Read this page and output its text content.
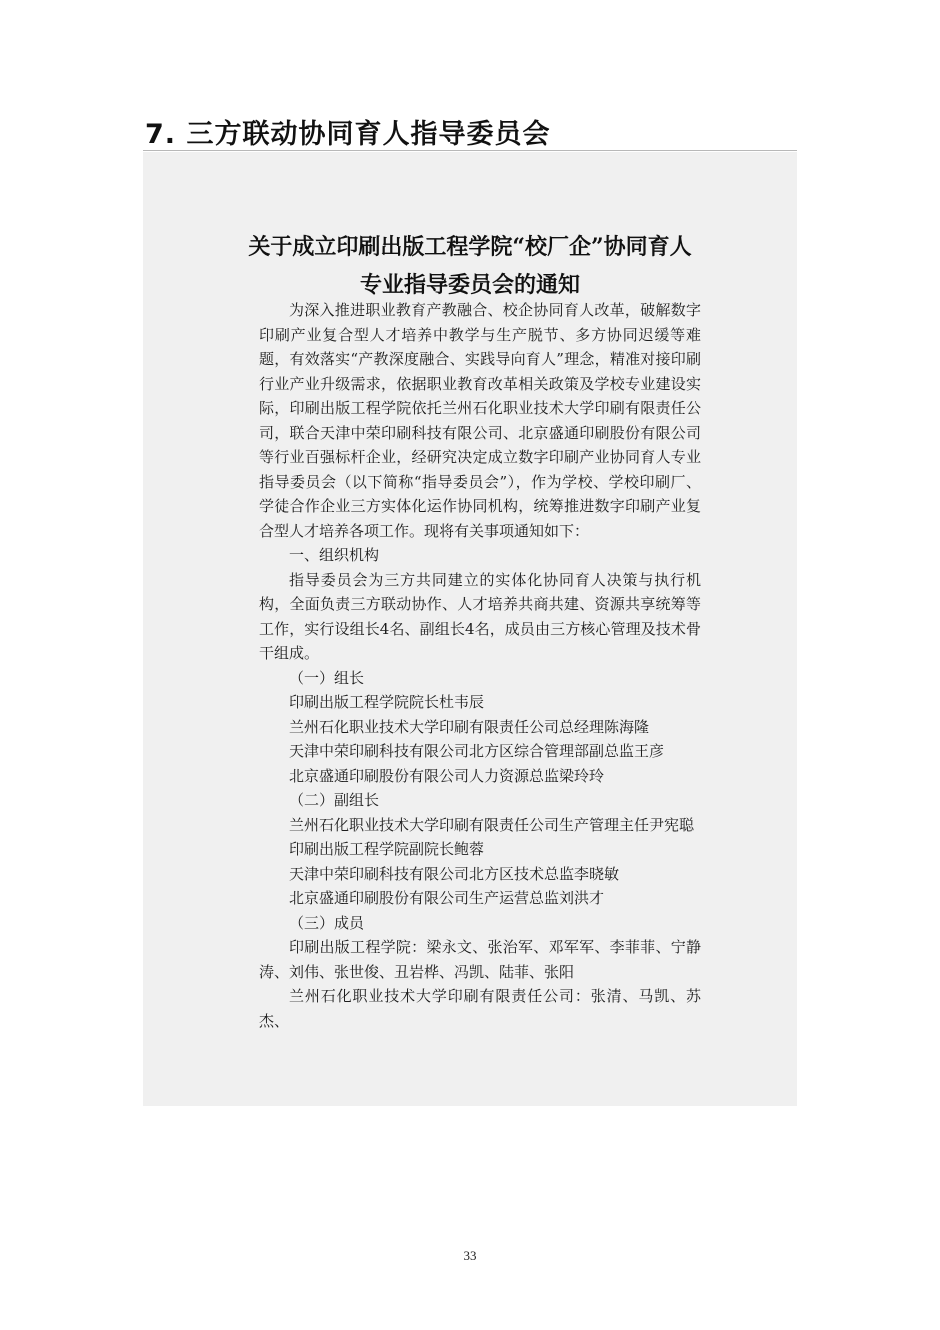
7. 三方联动协同育人指导委员会
关于成立印刷出版工程学院“校厂企”协同育人
专业指导委员会的通知

为深入推进职业教育产教融合、校企协同育人改革，破解数字印刷产业复合型人才培养中教学与生产脱节、多方协同迟缓等难题，有效落实“产教深度融合、实践导向育人”理念，精准对接印刷行业产业升级需求，依据职业教育改革相关政策及学校专业建设实际，印刷出版工程学院依托兰州石化职业技术大学印刷有限责任公司，联合天津中荣印刷科技有限公司、北京盛通印刷股份有限公司等行业百强标杆企业，经研究决定成立数字印刷产业协同育人专业指导委员会（以下简称“指导委员会”），作为学校、学校印刷厂、学徒合作企业三方实体化运作协同机构，统筹推进数字印刷产业复合型人才培养各项工作。现将有关事项通知如下：

一、组织机构

指导委员会为三方共同建立的实体化协同育人决策与执行机构，全面负责三方联动协作、人才培养共商共建、资源共享统筹等工作，实行设组长4名、副组长4名，成员由三方核心管理及技术骨干组成。

（一）组长

印刷出版工程学院院长杜韦辰

兰州石化职业技术大学印刷有限责任公司总经理陈海隆

天津中荣印刷科技有限公司北方区综合管理部副总监王彦

北京盛通印刷股份有限公司人力资源总监梁玲玲

（二）副组长

兰州石化职业技术大学印刷有限责任公司生产管理主任尹宪聪

印刷出版工程学院副院长鲍蓉

天津中荣印刷科技有限公司北方区技术总监李晓敏

北京盛通印刷股份有限公司生产运营总监刘洪才

（三）成员

印刷出版工程学院：梁永文、张治军、邓军军、李菲菲、宁静涛、刘伟、张世俊、丑岩桦、冯凯、陆菲、张阳

兰州石化职业技术大学印刷有限责任公司：张清、马凯、苏杰、

33
